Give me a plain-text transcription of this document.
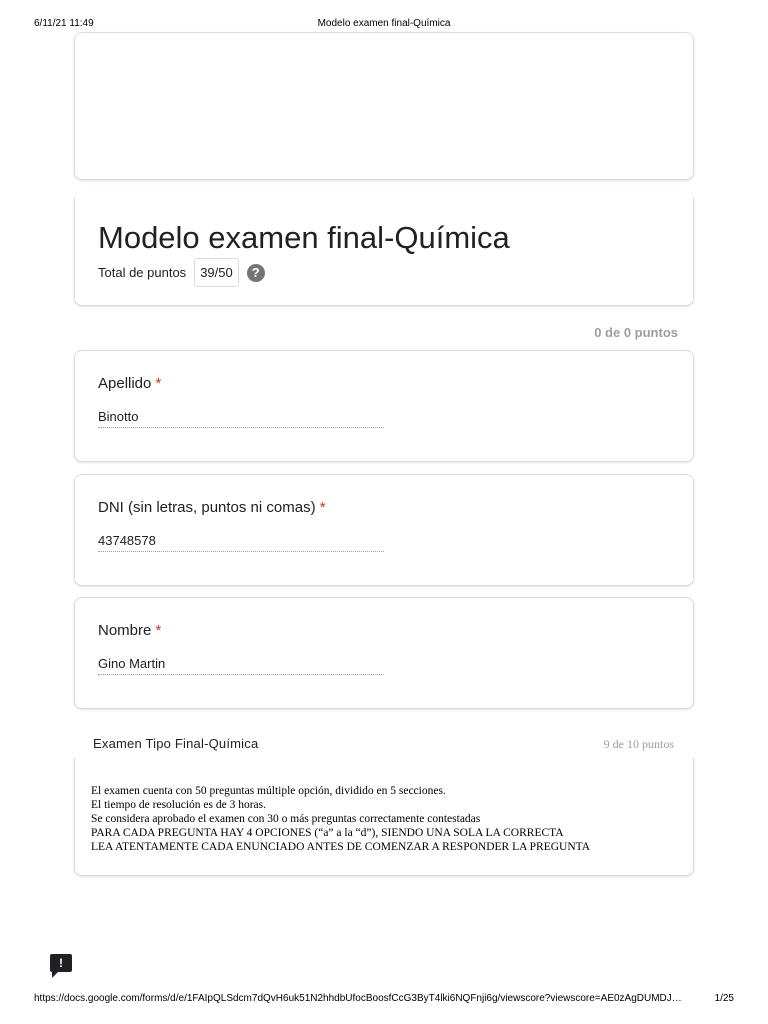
6/11/21 11:49	Modelo examen final-Química
Modelo examen final-Química
Total de puntos	39/50	?
0 de 0 puntos
Apellido *
Binotto
DNI (sin letras, puntos ni comas) *
43748578
Nombre *
Gino Martin
Examen Tipo Final-Química	9 de 10 puntos
El examen cuenta con 50 preguntas múltiple opción, dividido en 5 secciones.
El tiempo de resolución es de 3 horas.
Se considera aprobado el examen con 30 o más preguntas correctamente contestadas
PARA CADA PREGUNTA HAY 4 OPCIONES (“a” a la “d”), SIENDO UNA SOLA LA CORRECTA
LEA ATENTAMENTE CADA ENUNCIADO ANTES DE COMENZAR A RESPONDER LA PREGUNTA
!
https://docs.google.com/forms/d/e/1FAIpQLSdcm7dQvH6uk51N2hhdbUfocBoosfCcG3ByT4lki6NQFnji6g/viewscore?viewscore=AE0zAgDUMDJ…	1/25
